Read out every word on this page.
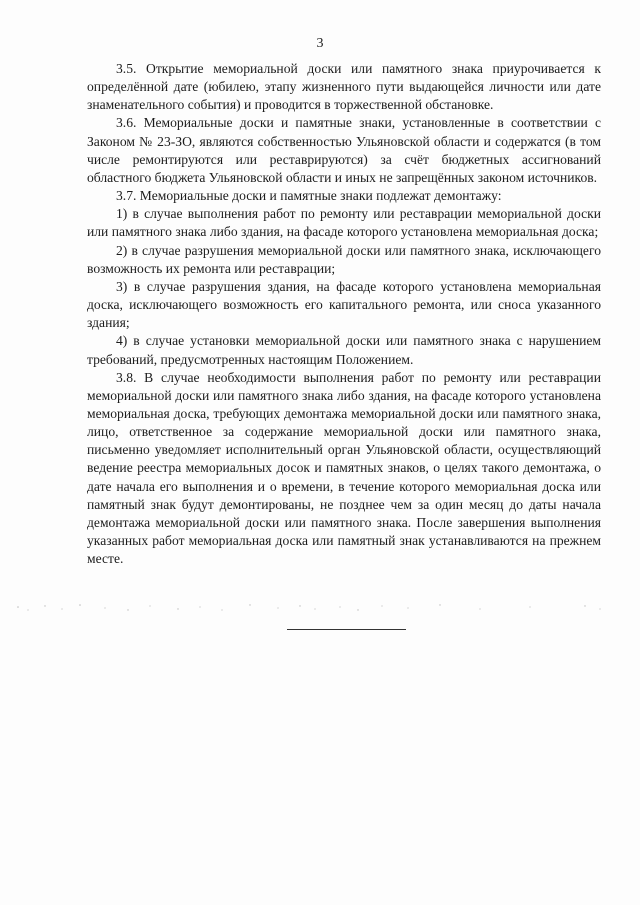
3

3.5. Открытие мемориальной доски или памятного знака приурочивается к определённой дате (юбилею, этапу жизненного пути выдающейся личности или дате знаменательного события) и проводится в торжественной обстановке.

3.6. Мемориальные доски и памятные знаки, установленные в соответствии с Законом № 23-ЗО, являются собственностью Ульяновской области и содержатся (в том числе ремонтируются или реставрируются) за счёт бюджетных ассигнований областного бюджета Ульяновской области и иных не запрещённых законом источников.

3.7. Мемориальные доски и памятные знаки подлежат демонтажу:

1) в случае выполнения работ по ремонту или реставрации мемориальной доски или памятного знака либо здания, на фасаде которого установлена мемориальная доска;

2) в случае разрушения мемориальной доски или памятного знака, исключающего возможность их ремонта или реставрации;

3) в случае разрушения здания, на фасаде которого установлена мемориальная доска, исключающего возможность его капитального ремонта, или сноса указанного здания;

4) в случае установки мемориальной доски или памятного знака с нарушением требований, предусмотренных настоящим Положением.

3.8. В случае необходимости выполнения работ по ремонту или реставрации мемориальной доски или памятного знака либо здания, на фасаде которого установлена мемориальная доска, требующих демонтажа мемориальной доски или памятного знака, лицо, ответственное за содержание мемориальной доски или памятного знака, письменно уведомляет исполнительный орган Ульяновской области, осуществляющий ведение реестра мемориальных досок и памятных знаков, о целях такого демонтажа, о дате начала его выполнения и о времени, в течение которого мемориальная доска или памятный знак будут демонтированы, не позднее чем за один месяц до даты начала демонтажа мемориальной доски или памятного знака. После завершения выполнения указанных работ мемориальная доска или памятный знак устанавливаются на прежнем месте.
